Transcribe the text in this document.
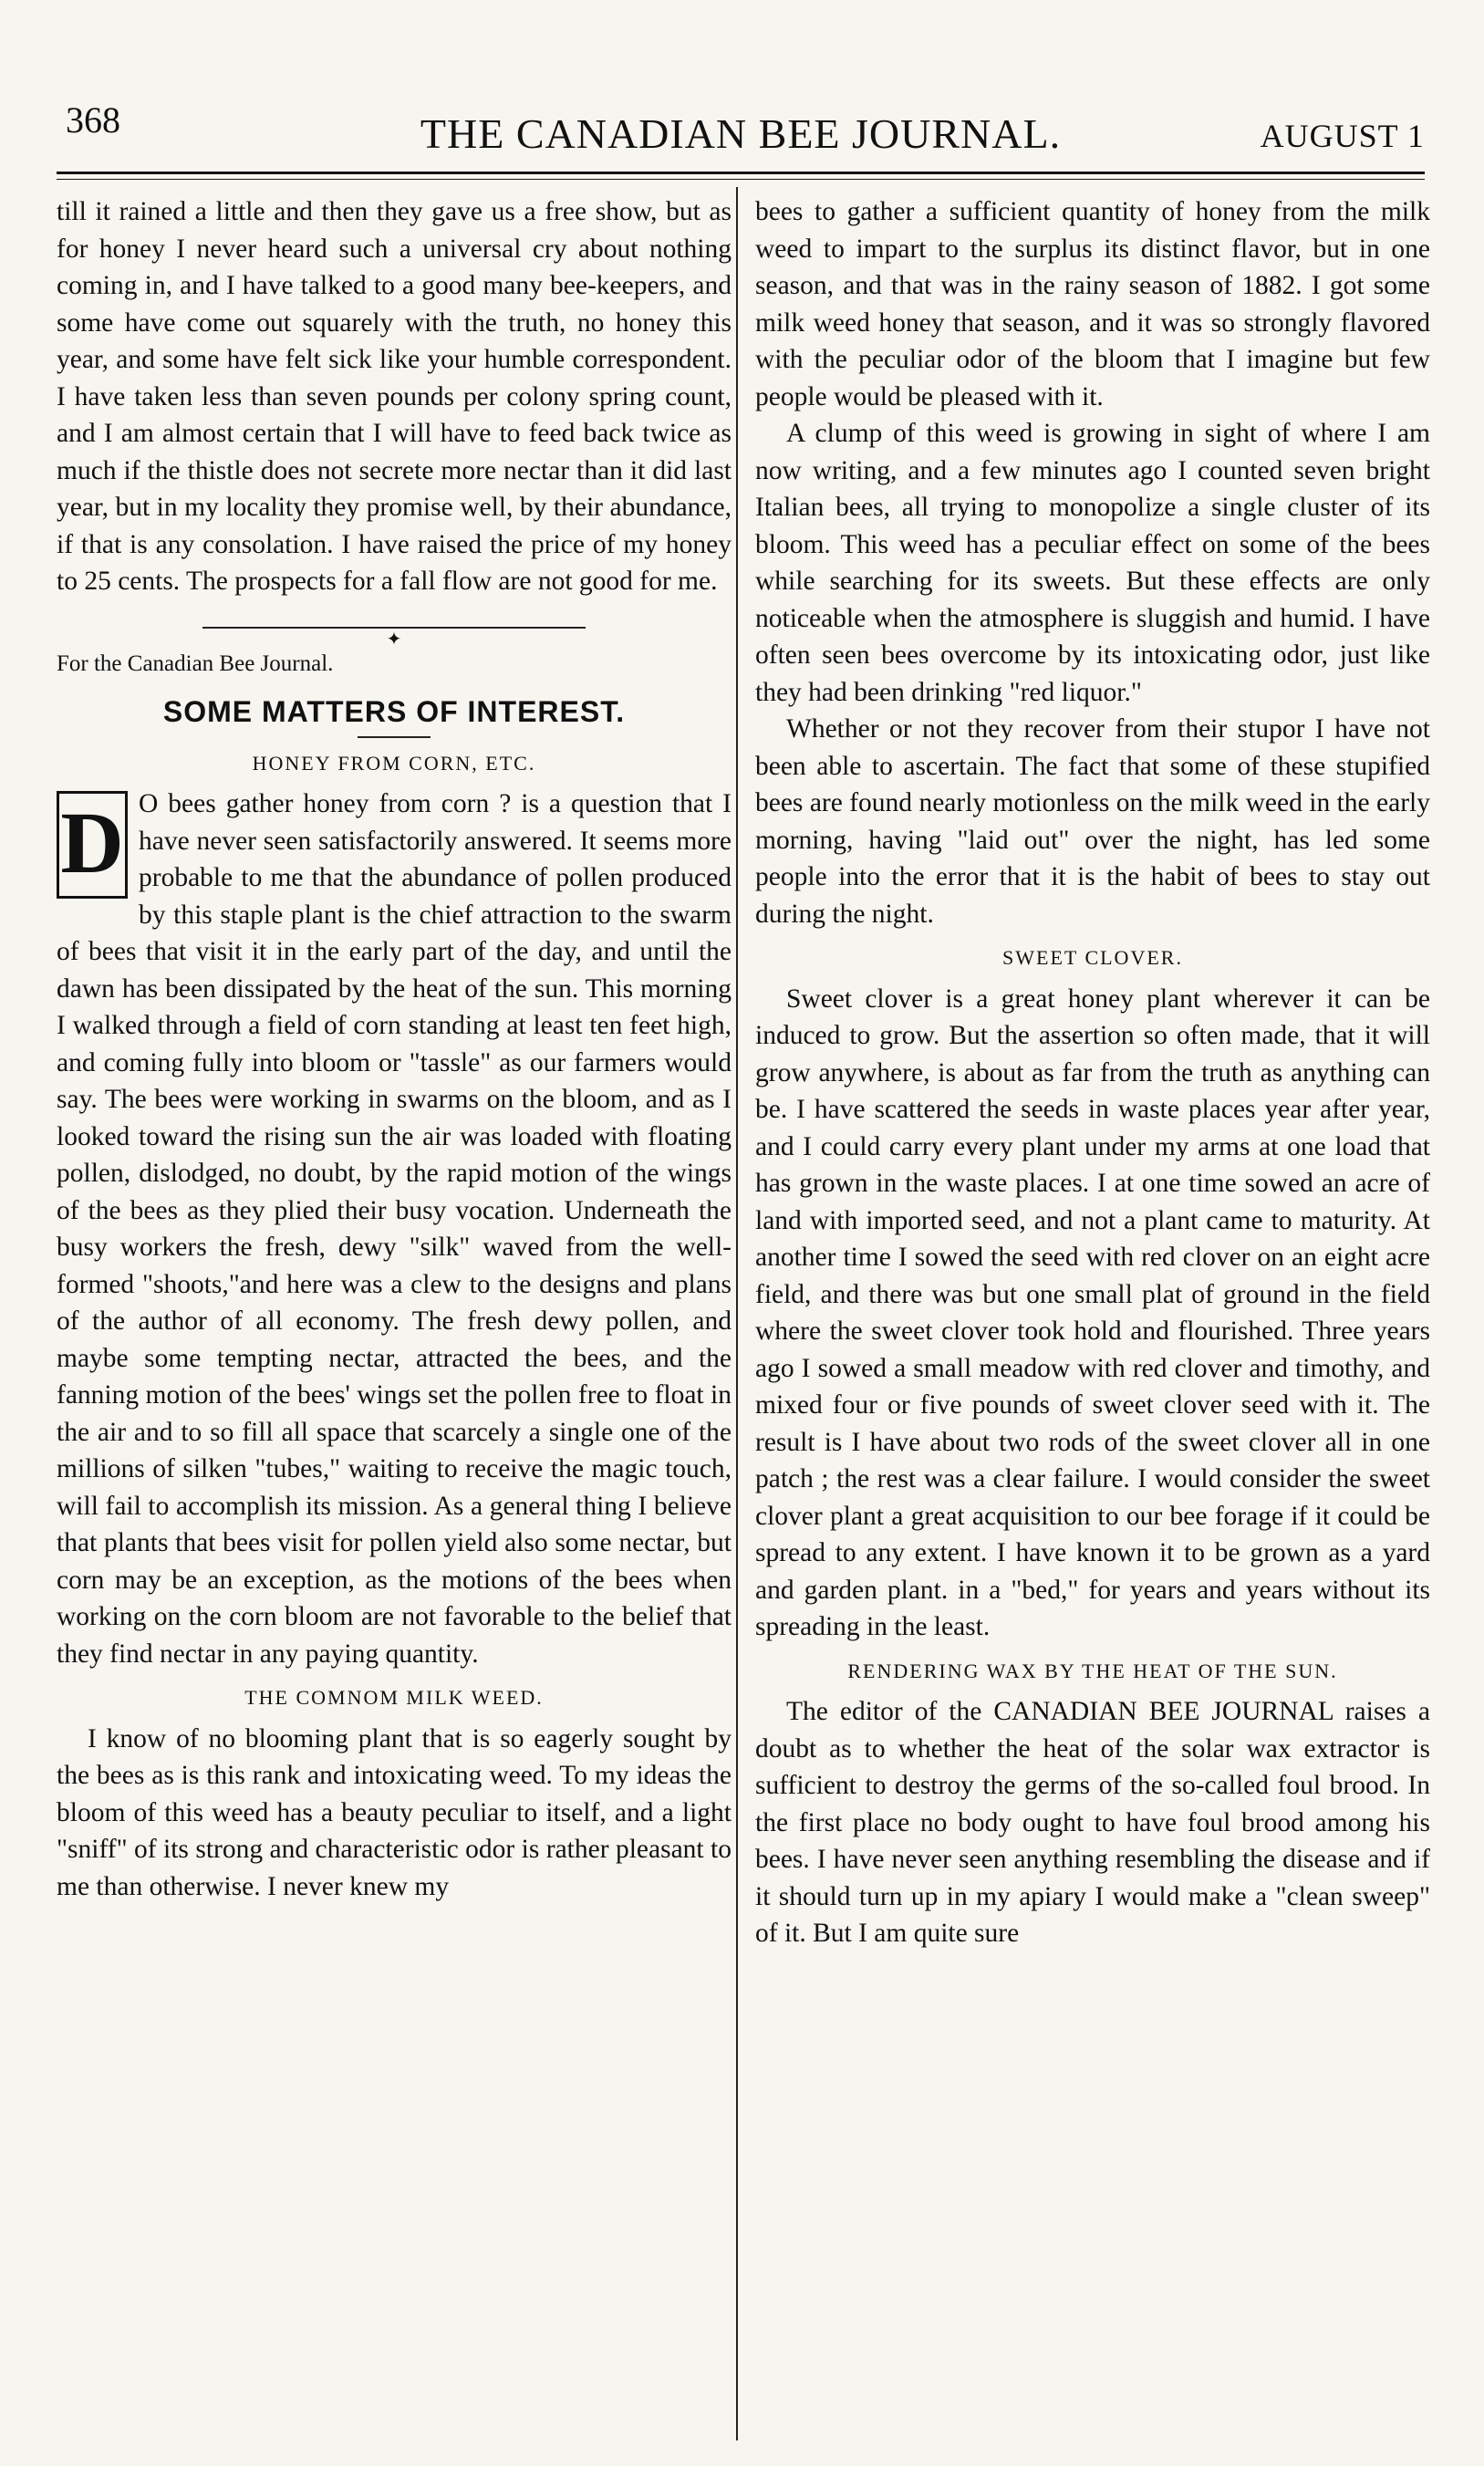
368	THE CANADIAN BEE JOURNAL.	AUGUST 1

till it rained a little and then they gave us a free show, but as for honey I never heard such a universal cry about nothing coming in, and I have talked to a good many bee-keepers, and some have come out squarely with the truth, no honey this year, and some have felt sick like your humble correspondent. I have taken less than seven pounds per colony spring count, and I am almost certain that I will have to feed back twice as much if the thistle does not secrete more nectar than it did last year, but in my locality they promise well, by their abundance, if that is any consolation. I have raised the price of my honey to 25 cents. The prospects for a fall flow are not good for me.

✦

For the Canadian Bee Journal.

SOME MATTERS OF INTEREST.
HONEY FROM CORN, ETC.

D O bees gather honey from corn ? is a question that I have never seen satisfactorily answered. It seems more probable to me that the abundance of pollen produced by this staple plant is the chief attraction to the swarm of bees that visit it in the early part of the day, and until the dawn has been dissipated by the heat of the sun. This morning I walked through a field of corn standing at least ten feet high, and coming fully into bloom or "tassle" as our farmers would say. The bees were working in swarms on the bloom, and as I looked toward the rising sun the air was loaded with floating pollen, dislodged, no doubt, by the rapid motion of the wings of the bees as they plied their busy vocation. Underneath the busy workers the fresh, dewy "silk" waved from the well-formed "shoots,"and here was a clew to the designs and plans of the author of all economy. The fresh dewy pollen, and maybe some tempting nectar, attracted the bees, and the fanning motion of the bees' wings set the pollen free to float in the air and to so fill all space that scarcely a single one of the millions of silken "tubes," waiting to receive the magic touch, will fail to accomplish its mission. As a general thing I believe that plants that bees visit for pollen yield also some nectar, but corn may be an exception, as the motions of the bees when working on the corn bloom are not favorable to the belief that they find nectar in any paying quantity.

THE COMNOM MILK WEED.

I know of no blooming plant that is so eagerly sought by the bees as is this rank and intoxicating weed. To my ideas the bloom of this weed has a beauty peculiar to itself, and a light "sniff" of its strong and characteristic odor is rather pleasant to me than otherwise. I never knew my

bees to gather a sufficient quantity of honey from the milk weed to impart to the surplus its distinct flavor, but in one season, and that was in the rainy season of 1882. I got some milk weed honey that season, and it was so strongly flavored with the peculiar odor of the bloom that I imagine but few people would be pleased with it.

A clump of this weed is growing in sight of where I am now writing, and a few minutes ago I counted seven bright Italian bees, all trying to monopolize a single cluster of its bloom. This weed has a peculiar effect on some of the bees while searching for its sweets. But these effects are only noticeable when the atmosphere is sluggish and humid. I have often seen bees overcome by its intoxicating odor, just like they had been drinking "red liquor."

Whether or not they recover from their stupor I have not been able to ascertain. The fact that some of these stupified bees are found nearly motionless on the milk weed in the early morning, having "laid out" over the night, has led some people into the error that it is the habit of bees to stay out during the night.

SWEET CLOVER.

Sweet clover is a great honey plant wherever it can be induced to grow. But the assertion so often made, that it will grow anywhere, is about as far from the truth as anything can be. I have scattered the seeds in waste places year after year, and I could carry every plant under my arms at one load that has grown in the waste places. I at one time sowed an acre of land with imported seed, and not a plant came to maturity. At another time I sowed the seed with red clover on an eight acre field, and there was but one small plat of ground in the field where the sweet clover took hold and flourished. Three years ago I sowed a small meadow with red clover and timothy, and mixed four or five pounds of sweet clover seed with it. The result is I have about two rods of the sweet clover all in one patch ; the rest was a clear failure. I would consider the sweet clover plant a great acquisition to our bee forage if it could be spread to any extent. I have known it to be grown as a yard and garden plant. in a "bed," for years and years without its spreading in the least.

RENDERING WAX BY THE HEAT OF THE SUN.

The editor of the CANADIAN BEE JOURNAL raises a doubt as to whether the heat of the solar wax extractor is sufficient to destroy the germs of the so-called foul brood. In the first place no body ought to have foul brood among his bees. I have never seen anything resembling the disease and if it should turn up in my apiary I would make a "clean sweep" of it. But I am quite sure
